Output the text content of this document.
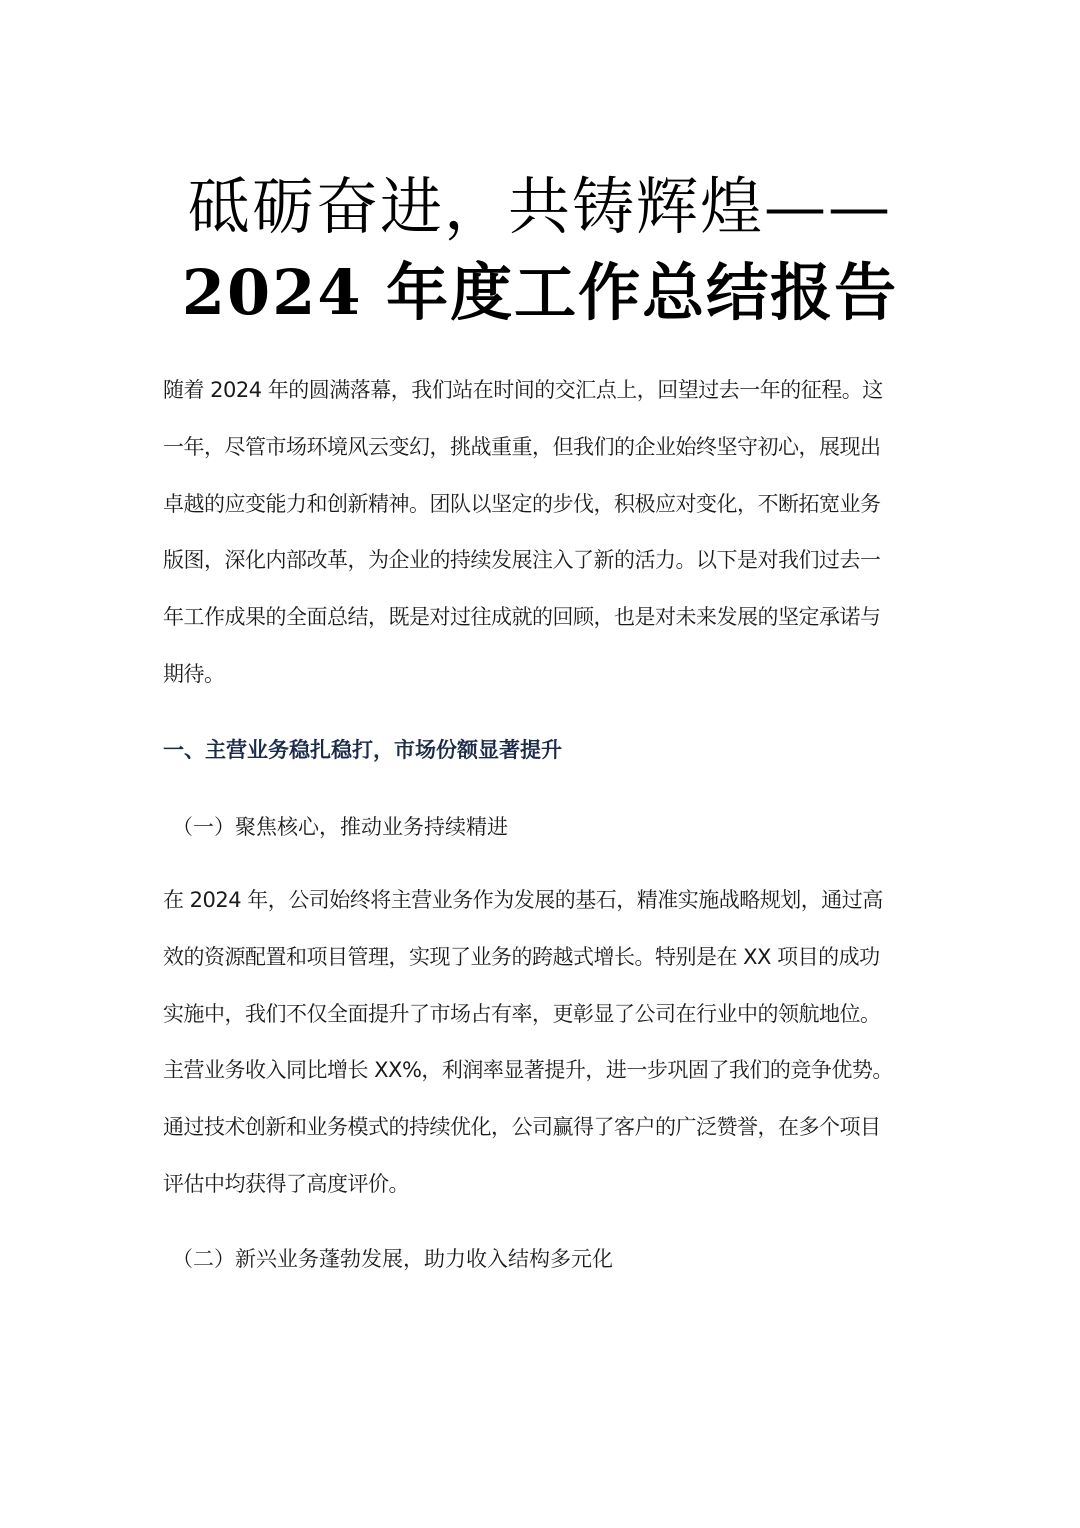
砥砺奋进，共铸辉煌——
2024 年度工作总结报告
随着 2024 年的圆满落幕，我们站在时间的交汇点上，回望过去一年的征程。这
一年，尽管市场环境风云变幻，挑战重重，但我们的企业始终坚守初心，展现出
卓越的应变能力和创新精神。团队以坚定的步伐，积极应对变化，不断拓宽业务
版图，深化内部改革，为企业的持续发展注入了新的活力。以下是对我们过去一
年工作成果的全面总结，既是对过往成就的回顾，也是对未来发展的坚定承诺与
期待。
一、主营业务稳扎稳打，市场份额显著提升
（一）聚焦核心，推动业务持续精进
在 2024 年，公司始终将主营业务作为发展的基石，精准实施战略规划，通过高
效的资源配置和项目管理，实现了业务的跨越式增长。特别是在 XX 项目的成功
实施中，我们不仅全面提升了市场占有率，更彰显了公司在行业中的领航地位。
主营业务收入同比增长 XX%，利润率显著提升，进一步巩固了我们的竞争优势。
通过技术创新和业务模式的持续优化，公司赢得了客户的广泛赞誉，在多个项目
评估中均获得了高度评价。
（二）新兴业务蓬勃发展，助力收入结构多元化
